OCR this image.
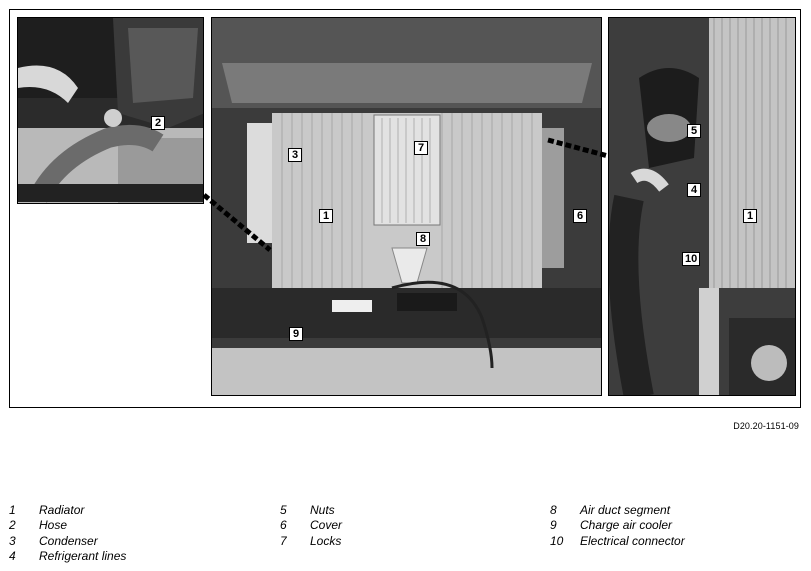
2
3
1
7
6
8
9
5
4
1
10
D20.20-1151-09
1 Radiator
2 Hose
3 Condenser
4 Refrigerant lines
5 Nuts
6 Cover
7 Locks
8 Air duct segment
9 Charge air cooler
10 Electrical connector
